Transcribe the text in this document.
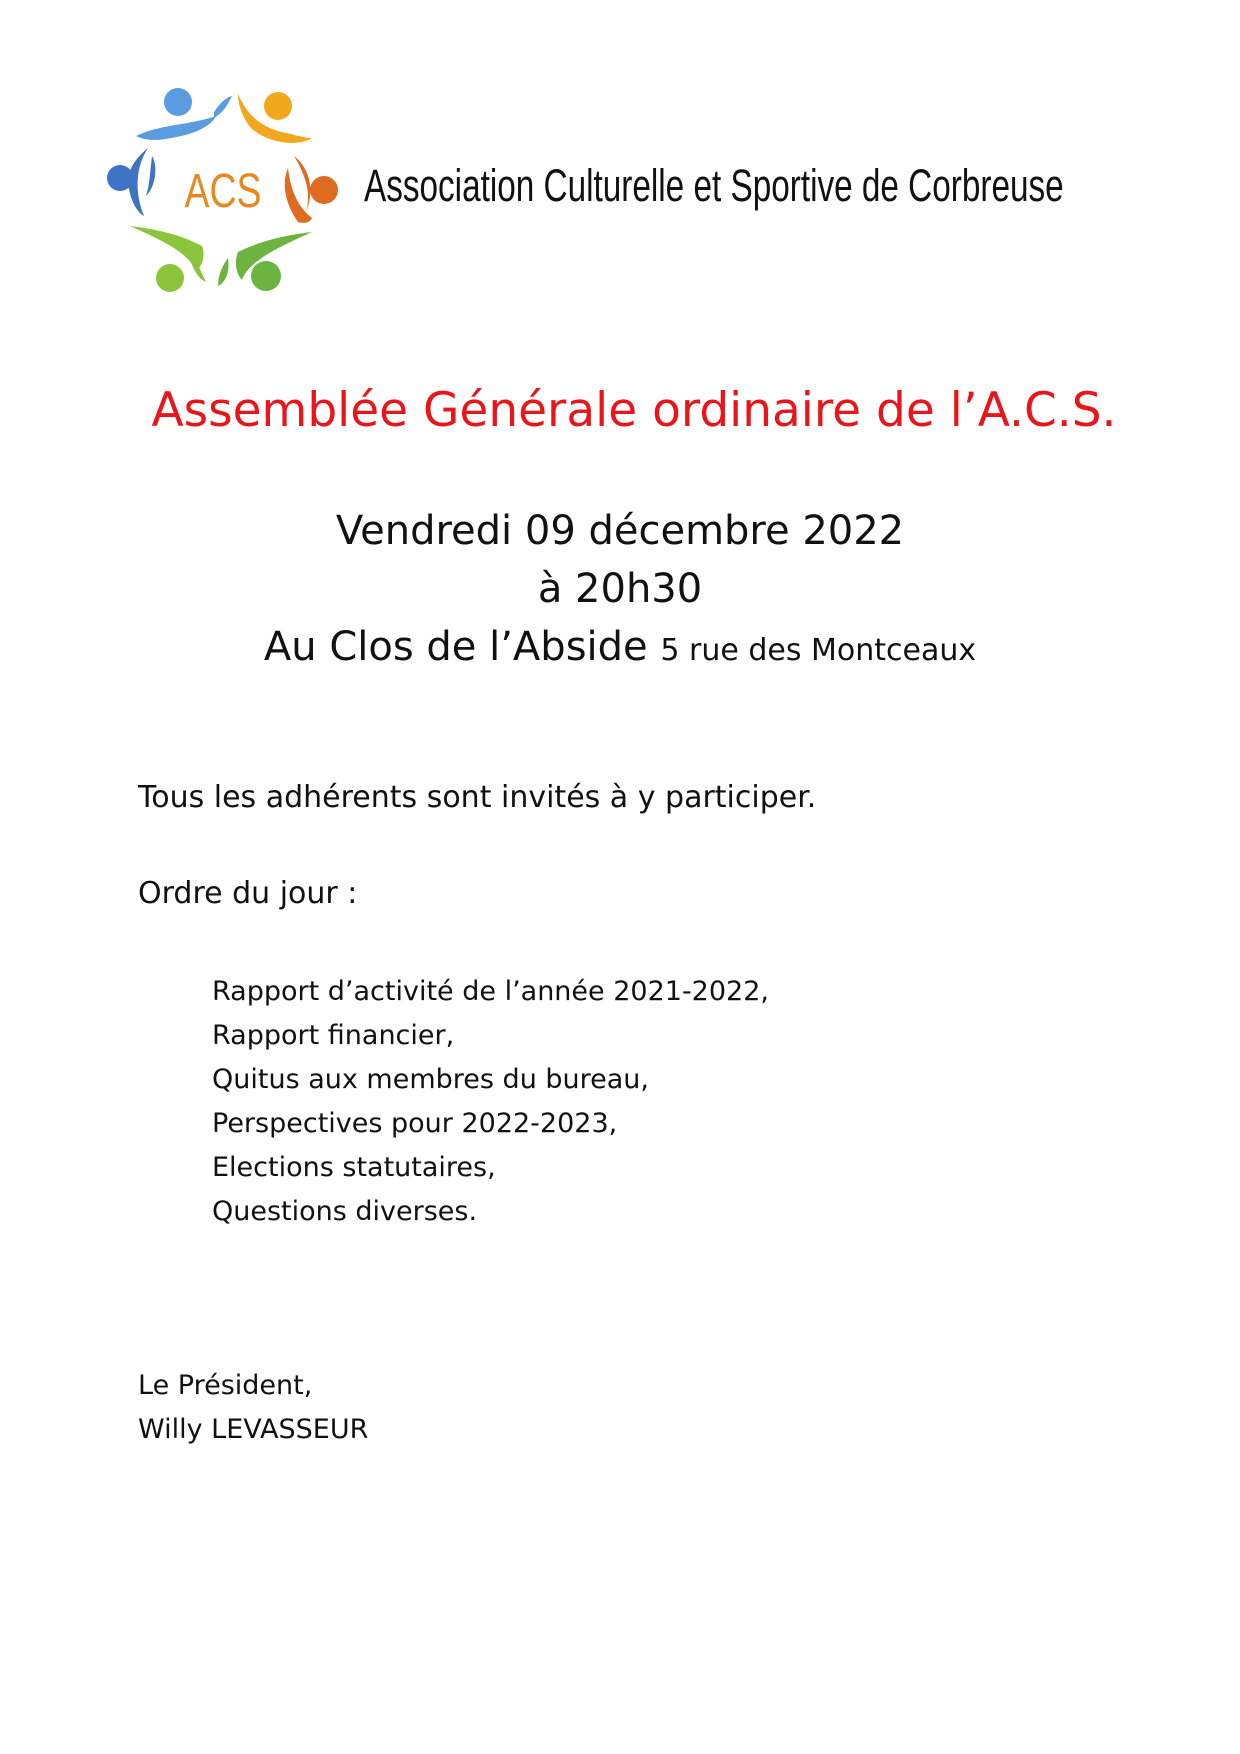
ACS Association Culturelle et Sportive de Corbreuse
Assemblée Générale ordinaire de l’A.C.S.
Vendredi 09 décembre 2022
à 20h30
Au Clos de l’Abside 5 rue des Montceaux
Tous les adhérents sont invités à y participer.
Ordre du jour :
Rapport d’activité de l’année 2021-2022,
Rapport financier,
Quitus aux membres du bureau,
Perspectives pour 2022-2023,
Elections statutaires,
Questions diverses.
Le Président,
Willy LEVASSEUR
